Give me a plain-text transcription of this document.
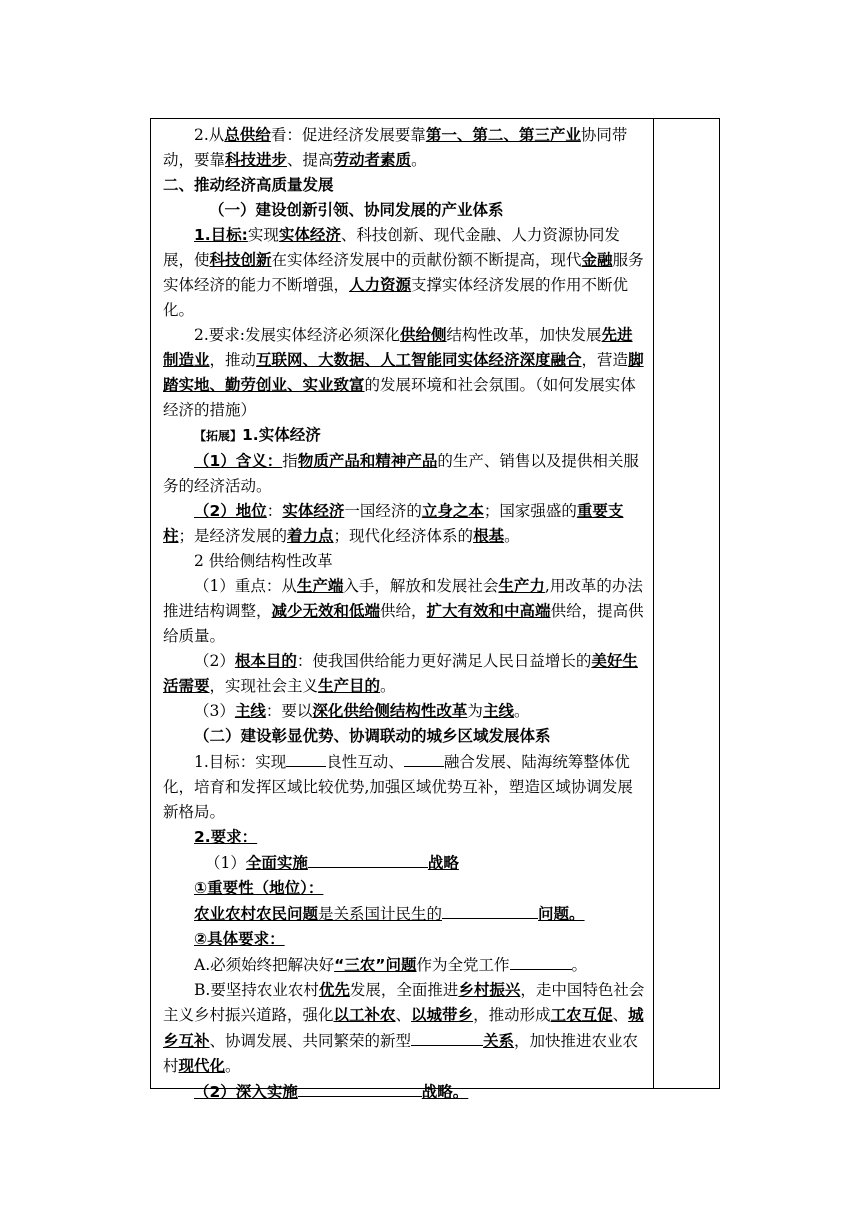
2.从总供给看：促进经济发展要靠第一、第二、第三产业协同带动，要靠科技进步、提高劳动者素质。

二、推动经济高质量发展

（一）建设创新引领、协同发展的产业体系

1.目标:实现实体经济、科技创新、现代金融、人力资源协同发展，使科技创新在实体经济发展中的贡献份额不断提高，现代金融服务实体经济的能力不断增强，人力资源支撑实体经济发展的作用不断优化。

2.要求:发展实体经济必须深化供给侧结构性改革，加快发展先进制造业，推动互联网、大数据、人工智能同实体经济深度融合，营造脚踏实地、勤劳创业、实业致富的发展环境和社会氛围。（如何发展实体经济的措施）

【拓展】1.实体经济

（1）含义：指物质产品和精神产品的生产、销售以及提供相关服务的经济活动。

（2）地位：实体经济一国经济的立身之本；国家强盛的重要支柱；是经济发展的着力点；现代化经济体系的根基。

2 供给侧结构性改革

（1）重点：从生产端入手，解放和发展社会生产力,用改革的办法推进结构调整，减少无效和低端供给，扩大有效和中高端供给，提高供给质量。

（2）根本目的：使我国供给能力更好满足人民日益增长的美好生活需要，实现社会主义生产目的。

（3）主线：要以深化供给侧结构性改革为主线。

（二）建设彰显优势、协调联动的城乡区域发展体系

1.目标：实现	良性互动、	融合发展、陆海统筹整体优化，培育和发挥区域比较优势,加强区域优势互补，塑造区域协调发展新格局。

2.要求：

（1）全面实施	战略

①重要性（地位）：

农业农村农民问题是关系国计民生的	问题。

②具体要求：

A.必须始终把解决好“三农”问题作为全党工作	。

B.要坚持农业农村优先发展，全面推进乡村振兴，走中国特色社会主义乡村振兴道路，强化以工补农、以城带乡，推动形成工农互促、城乡互补、协调发展、共同繁荣的新型	关系，加快推进农业农村现代化。

（2）深入实施	战略。
